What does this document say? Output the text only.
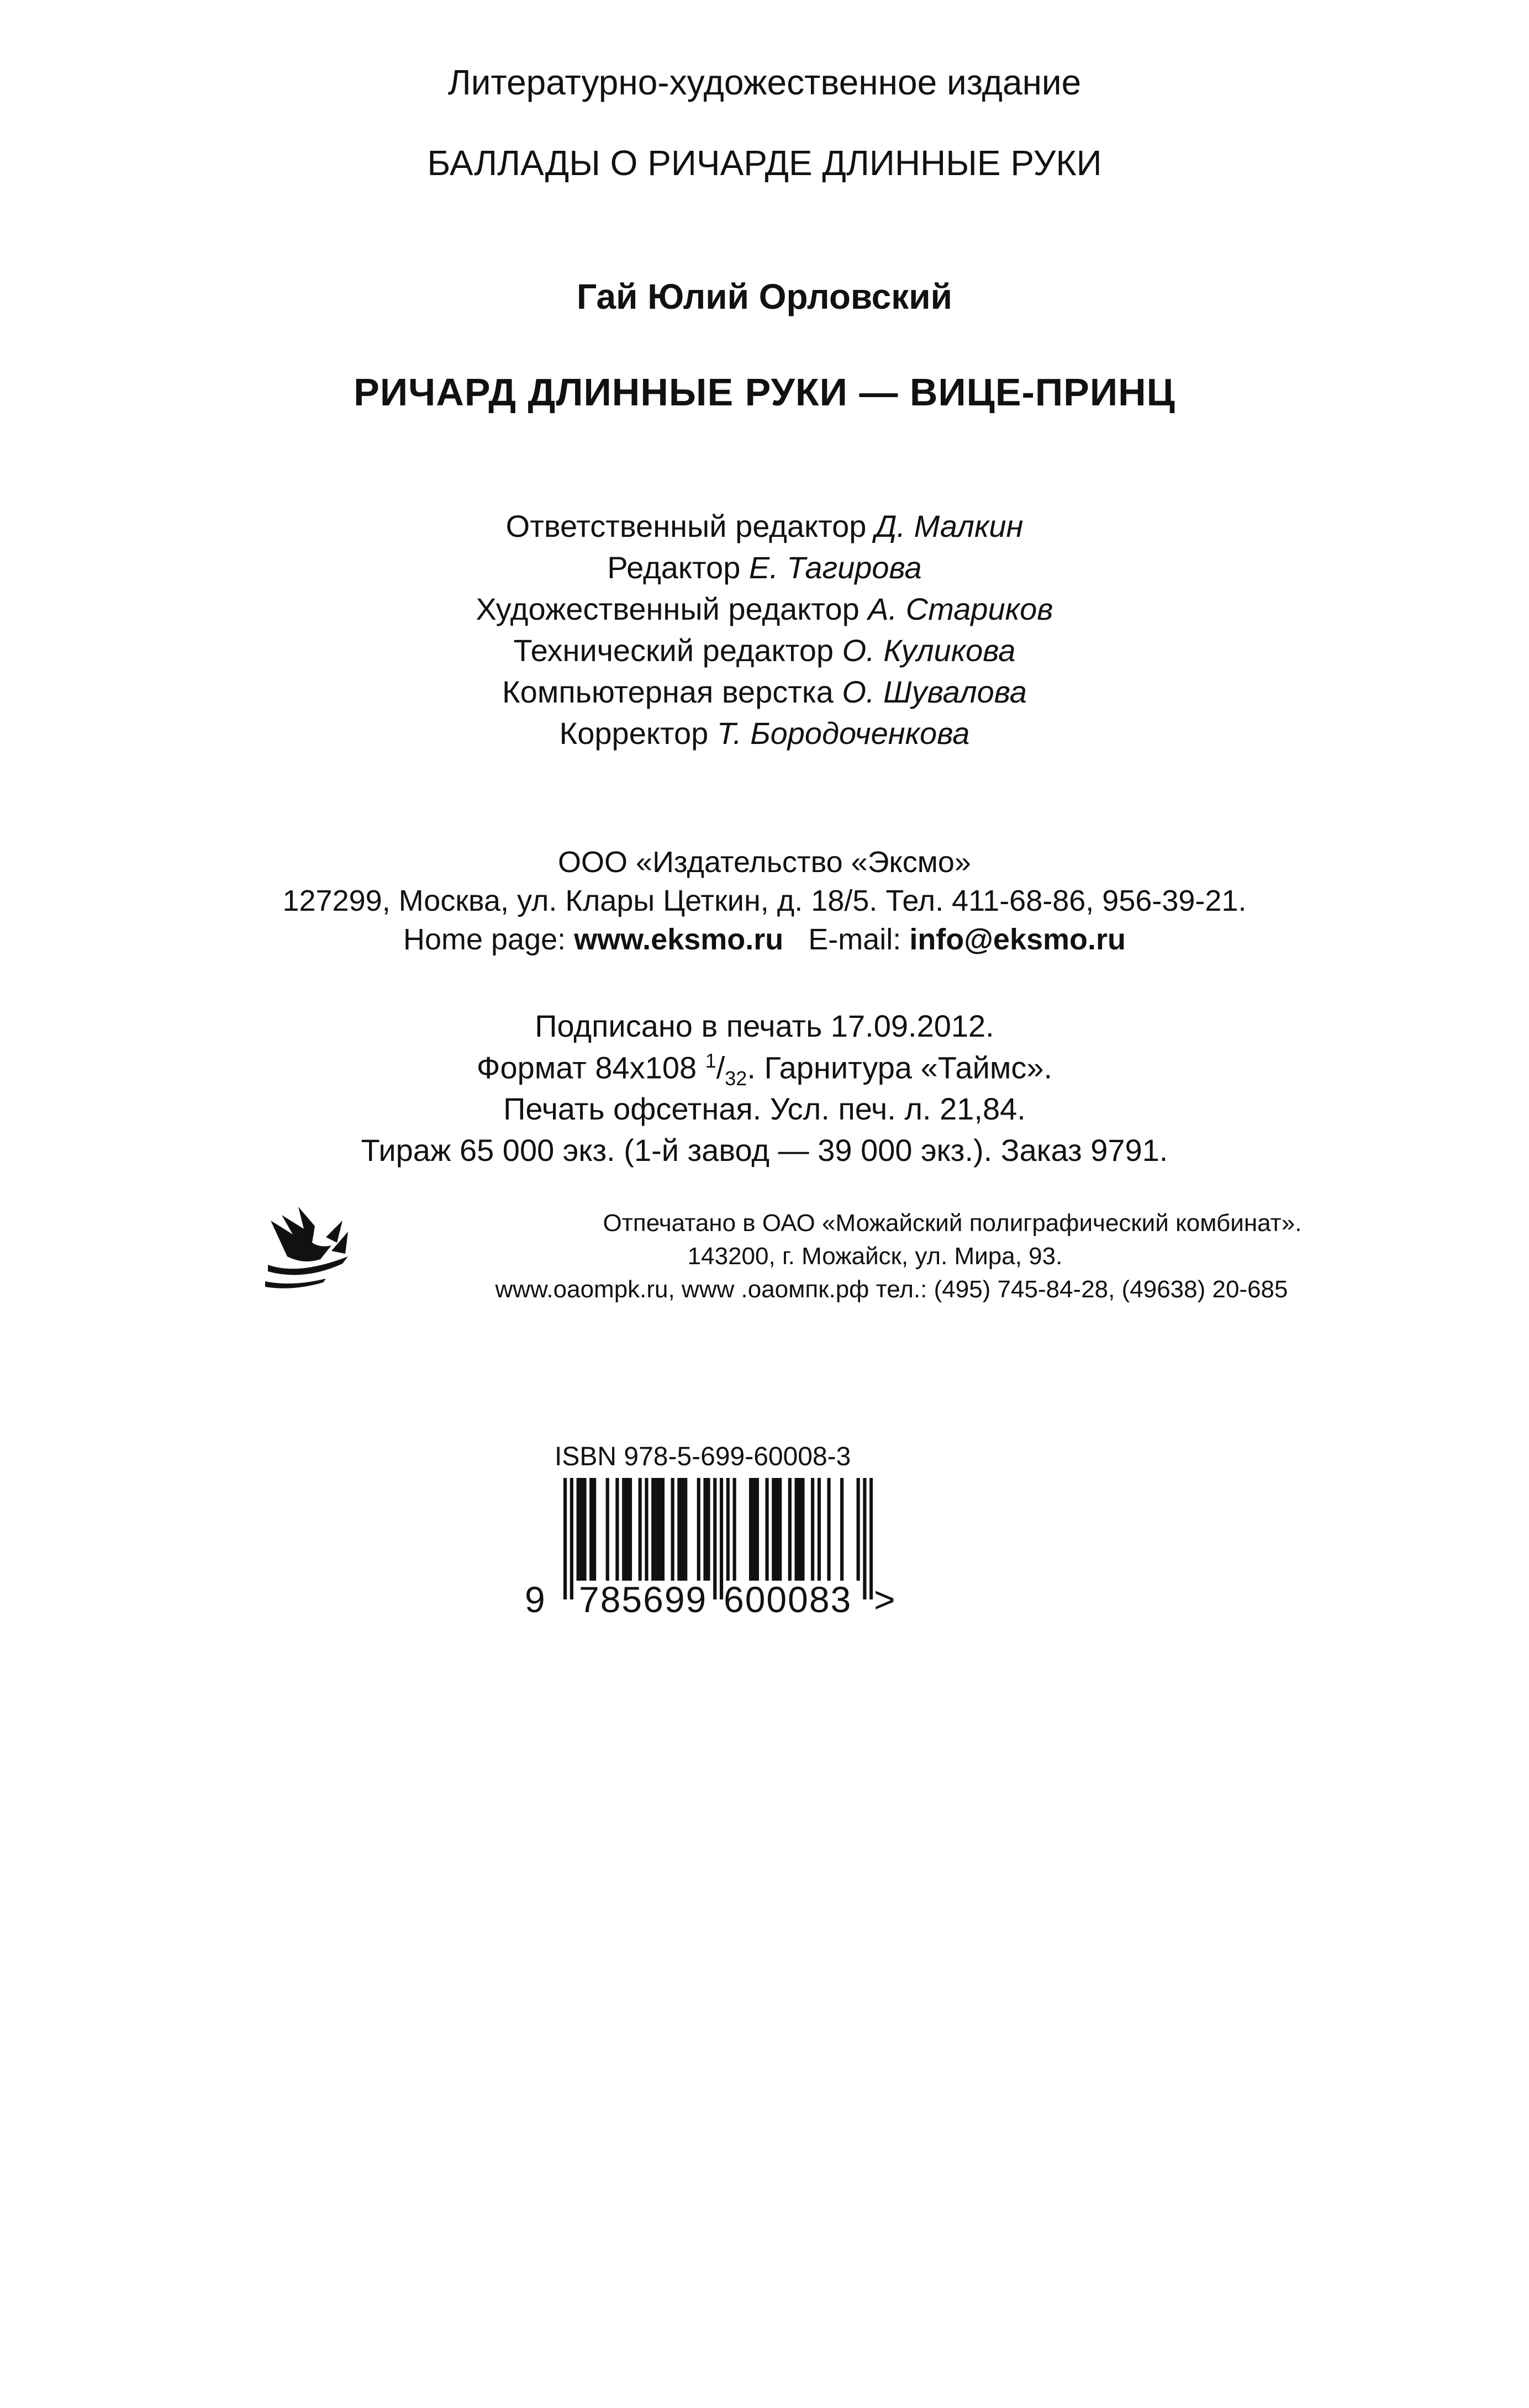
Литературно-художественное издание
БАЛЛАДЫ О РИЧАРДЕ ДЛИННЫЕ РУКИ
Гай Юлий Орловский
РИЧАРД ДЛИННЫЕ РУКИ — ВИЦЕ-ПРИНЦ
Ответственный редактор Д. Малкин
Редактор Е. Тагирова
Художественный редактор А. Стариков
Технический редактор О. Куликова
Компьютерная верстка О. Шувалова
Корректор Т. Бородоченкова
ООО «Издательство «Эксмо»
127299, Москва, ул. Клары Цеткин, д. 18/5. Тел. 411-68-86, 956-39-21.
Home page: www.eksmo.ru E-mail: info@eksmo.ru
Подписано в печать 17.09.2012.
Формат 84x108 $^1/_{32}$. Гарнитура «Таймс».
Печать офсетная. Усл. печ. л. 21,84.
Тираж 65 000 экз. (1-й завод — 39 000 экз.). Заказ 9791.
Отпечатано в ОАО «Можайский полиграфический комбинат».
143200, г. Можайск, ул. Мира, 93.
www.oaompk.ru, www .оаомпк.рф тел.: (495) 745-84-28, (49638) 20-685
ISBN 978-5-699-60008-3
9 785699 600083 >
